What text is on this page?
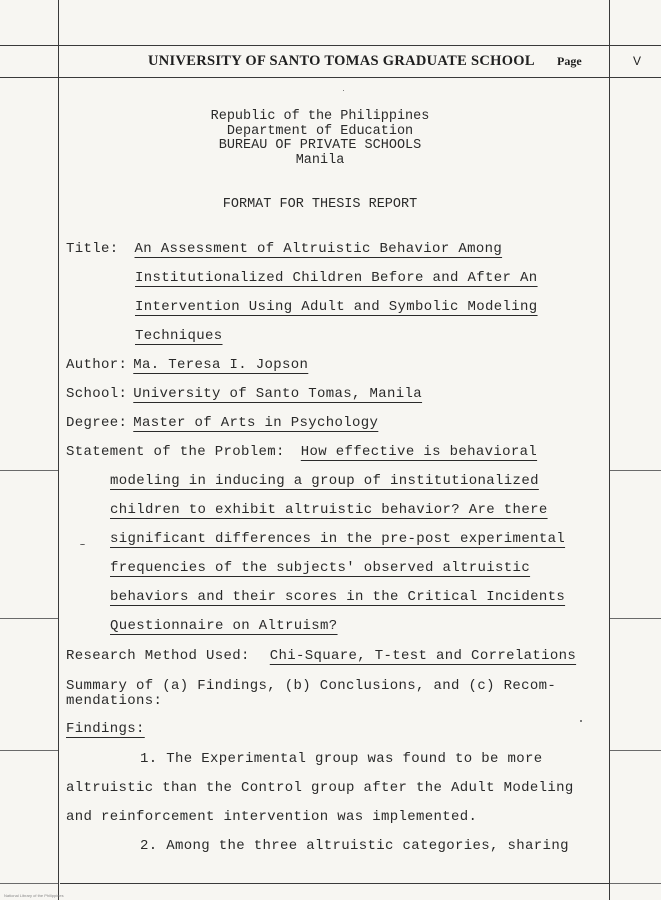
UNIVERSITY OF SANTO TOMAS GRADUATE SCHOOL Page	V
Republic of the Philippines
Department of Education
BUREAU OF PRIVATE SCHOOLS
Manila
FORMAT FOR THESIS REPORT
Title: An Assessment of Altruistic Behavior Among
Institutionalized Children Before and After An
Intervention Using Adult and Symbolic Modeling
Techniques
Author: Ma. Teresa I. Jopson
School: University of Santo Tomas, Manila
Degree: Master of Arts in Psychology
Statement of the Problem: How effective is behavioral
modeling in inducing a group of institutionalized
children to exhibit altruistic behavior? Are there
significant differences in the pre-post experimental
frequencies of the subjects' observed altruistic
behaviors and their scores in the Critical Incidents
Questionnaire on Altruism?
Research Method Used: Chi-Square, T-test and Correlations
Summary of (a) Findings, (b) Conclusions, and (c) Recom-
mendations:
Findings:
1. The Experimental group was found to be more
altruistic than the Control group after the Adult Modeling
and reinforcement intervention was implemented.
2. Among the three altruistic categories, sharing
National Library of the Philippines
